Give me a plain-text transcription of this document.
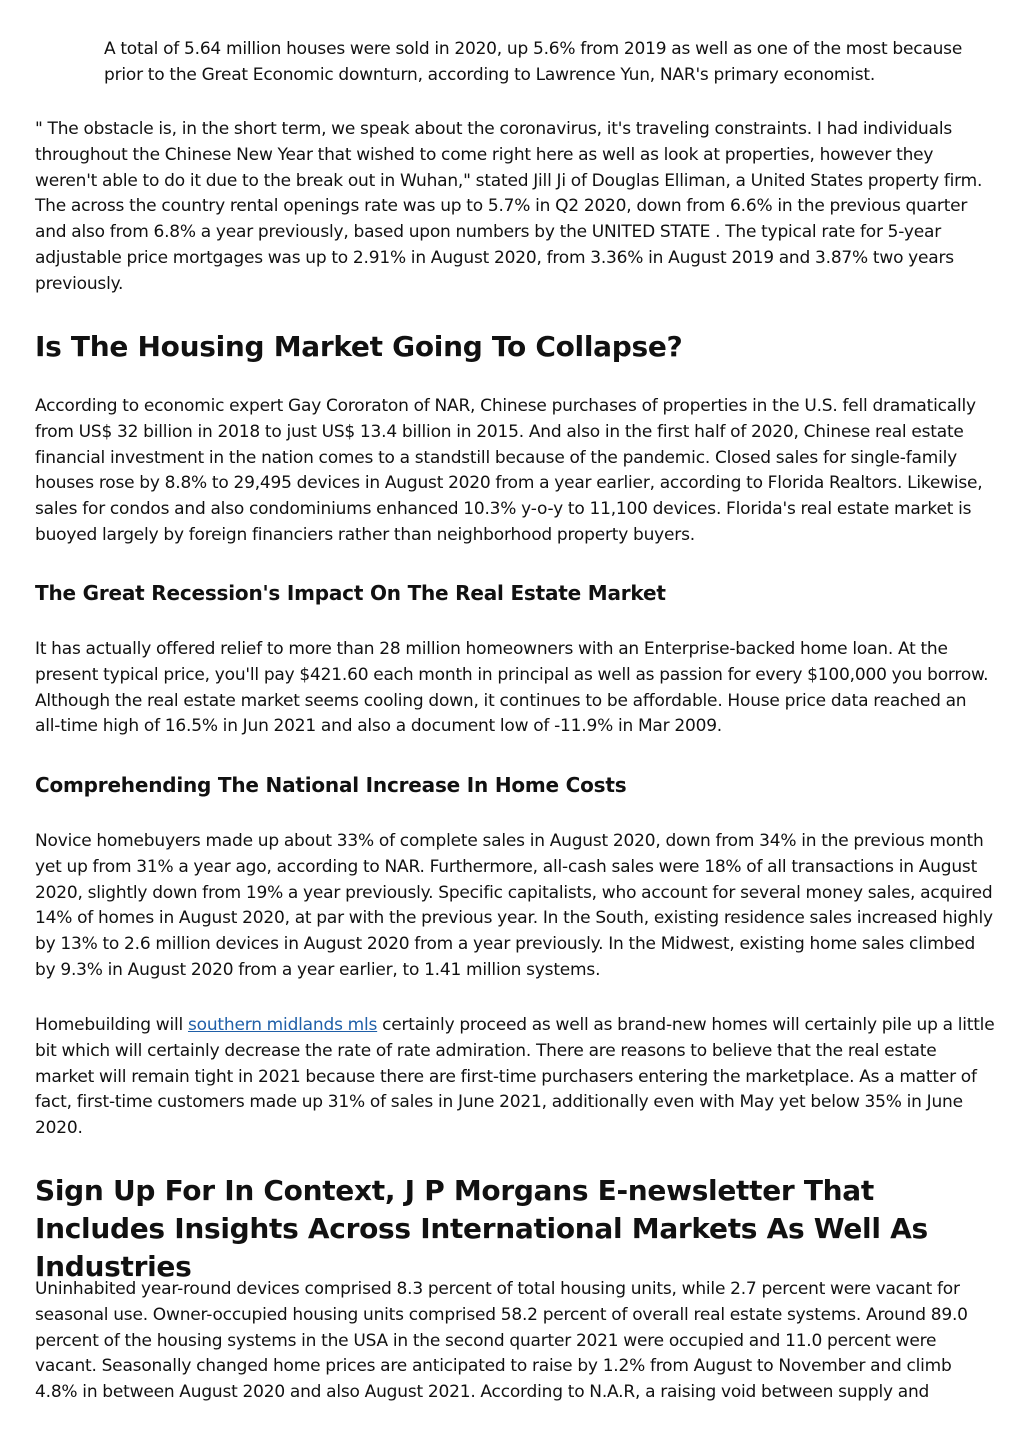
A total of 5.64 million houses were sold in 2020, up 5.6% from 2019 as well as one of the most because prior to the Great Economic downturn, according to Lawrence Yun, NAR's primary economist.

" The obstacle is, in the short term, we speak about the coronavirus, it's traveling constraints. I had individuals throughout the Chinese New Year that wished to come right here as well as look at properties, however they weren't able to do it due to the break out in Wuhan," stated Jill Ji of Douglas Elliman, a United States property firm. The across the country rental openings rate was up to 5.7% in Q2 2020, down from 6.6% in the previous quarter and also from 6.8% a year previously, based upon numbers by the UNITED STATE . The typical rate for 5-year adjustable price mortgages was up to 2.91% in August 2020, from 3.36% in August 2019 and 3.87% two years previously.

Is The Housing Market Going To Collapse?

According to economic expert Gay Cororaton of NAR, Chinese purchases of properties in the U.S. fell dramatically from US$ 32 billion in 2018 to just US$ 13.4 billion in 2015. And also in the first half of 2020, Chinese real estate financial investment in the nation comes to a standstill because of the pandemic. Closed sales for single-family houses rose by 8.8% to 29,495 devices in August 2020 from a year earlier, according to Florida Realtors. Likewise, sales for condos and also condominiums enhanced 10.3% y-o-y to 11,100 devices. Florida's real estate market is buoyed largely by foreign financiers rather than neighborhood property buyers.

The Great Recession's Impact On The Real Estate Market

It has actually offered relief to more than 28 million homeowners with an Enterprise-backed home loan. At the present typical price, you'll pay $421.60 each month in principal as well as passion for every $100,000 you borrow. Although the real estate market seems cooling down, it continues to be affordable. House price data reached an all-time high of 16.5% in Jun 2021 and also a document low of -11.9% in Mar 2009.

Comprehending The National Increase In Home Costs

Novice homebuyers made up about 33% of complete sales in August 2020, down from 34% in the previous month yet up from 31% a year ago, according to NAR. Furthermore, all-cash sales were 18% of all transactions in August 2020, slightly down from 19% a year previously. Specific capitalists, who account for several money sales, acquired 14% of homes in August 2020, at par with the previous year. In the South, existing residence sales increased highly by 13% to 2.6 million devices in August 2020 from a year previously. In the Midwest, existing home sales climbed by 9.3% in August 2020 from a year earlier, to 1.41 million systems.

Homebuilding will southern midlands mls certainly proceed as well as brand-new homes will certainly pile up a little bit which will certainly decrease the rate of rate admiration. There are reasons to believe that the real estate market will remain tight in 2021 because there are first-time purchasers entering the marketplace. As a matter of fact, first-time customers made up 31% of sales in June 2021, additionally even with May yet below 35% in June 2020.

Sign Up For In Context, J P Morgans E-newsletter That Includes Insights Across International Markets As Well As Industries

Uninhabited year-round devices comprised 8.3 percent of total housing units, while 2.7 percent were vacant for seasonal use. Owner-occupied housing units comprised 58.2 percent of overall real estate systems. Around 89.0 percent of the housing systems in the USA in the second quarter 2021 were occupied and 11.0 percent were vacant. Seasonally changed home prices are anticipated to raise by 1.2% from August to November and climb 4.8% in between August 2020 and also August 2021. According to N.A.R, a raising void between supply and
